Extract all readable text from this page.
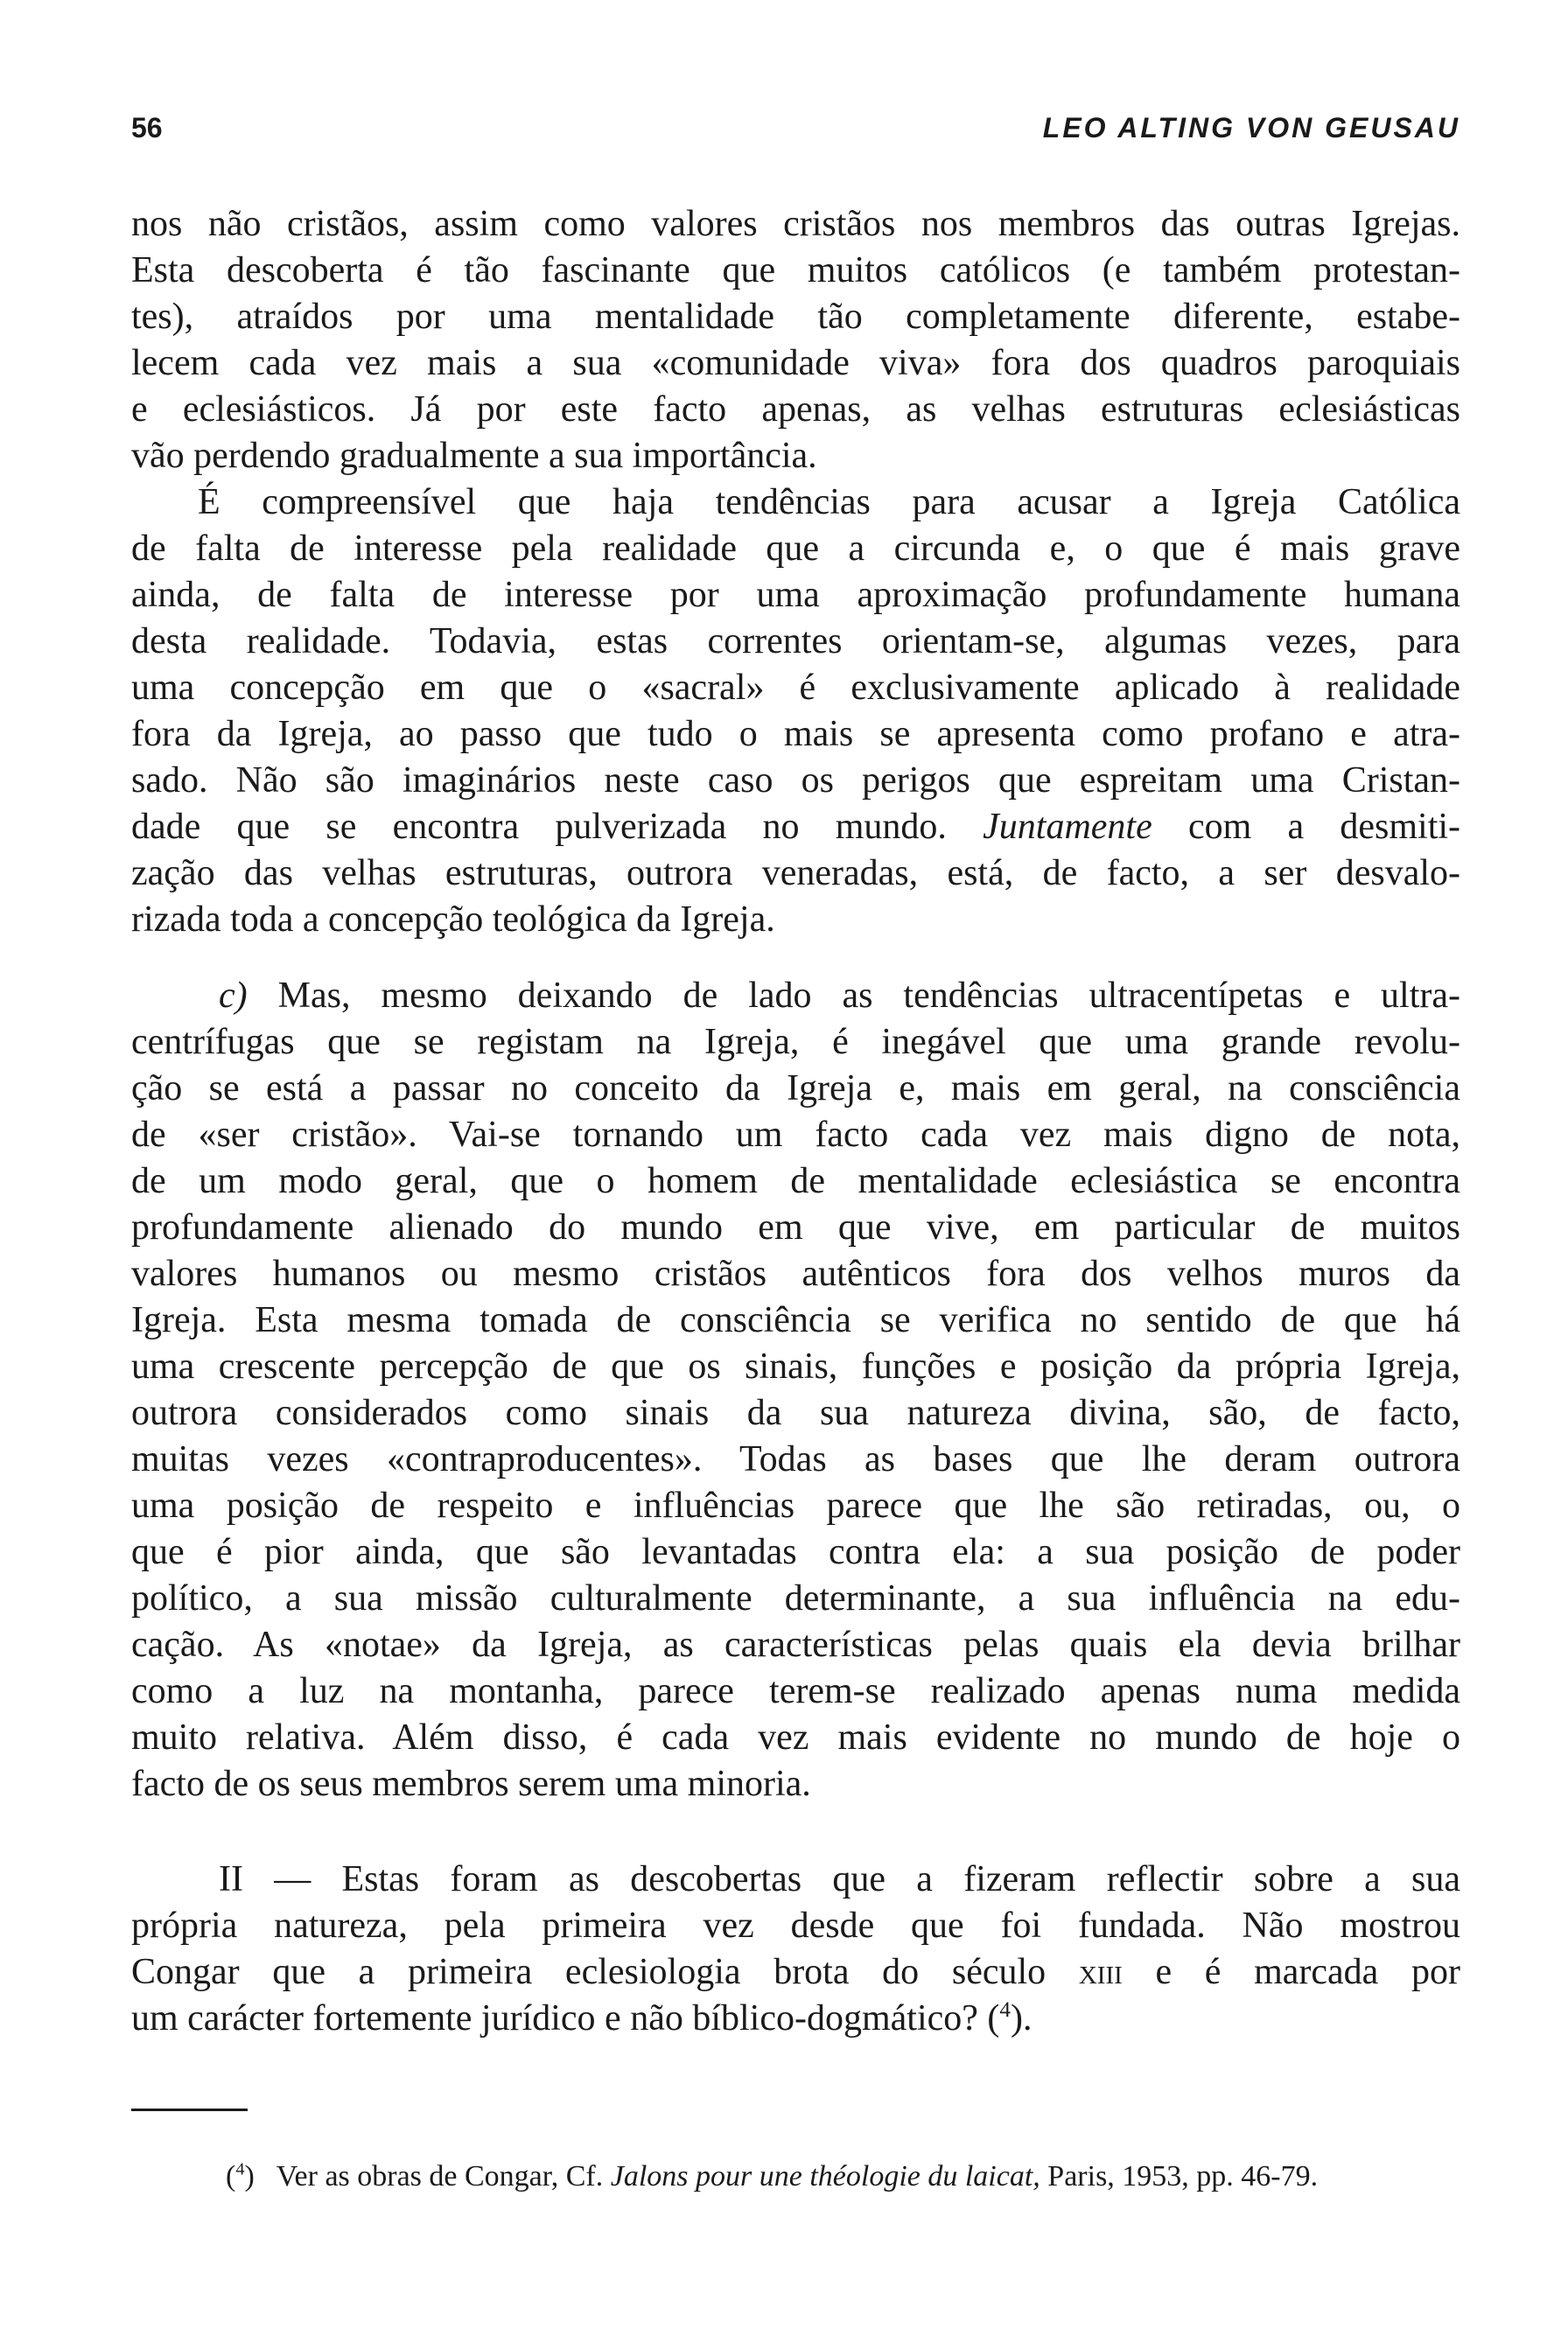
56	LEO ALTING VON GEUSAU
nos não cristãos, assim como valores cristãos nos membros das outras Igrejas.
Esta descoberta é tão fascinante que muitos católicos (e também protestan-
tes), atraídos por uma mentalidade tão completamente diferente, estabe-
lecem cada vez mais a sua «comunidade viva» fora dos quadros paroquiais
e eclesiásticos. Já por este facto apenas, as velhas estruturas eclesiásticas
vão perdendo gradualmente a sua importância.
É compreensível que haja tendências para acusar a Igreja Católica
de falta de interesse pela realidade que a circunda e, o que é mais grave
ainda, de falta de interesse por uma aproximação profundamente humana
desta realidade. Todavia, estas correntes orientam-se, algumas vezes, para
uma concepção em que o «sacral» é exclusivamente aplicado à realidade
fora da Igreja, ao passo que tudo o mais se apresenta como profano e atra-
sado. Não são imaginários neste caso os perigos que espreitam uma Cristan-
dade que se encontra pulverizada no mundo. Juntamente com a desmiti-
zação das velhas estruturas, outrora veneradas, está, de facto, a ser desvalo-
rizada toda a concepção teológica da Igreja.
c) Mas, mesmo deixando de lado as tendências ultracentípetas e ultra-
centrífugas que se registam na Igreja, é inegável que uma grande revolu-
ção se está a passar no conceito da Igreja e, mais em geral, na consciência
de «ser cristão». Vai-se tornando um facto cada vez mais digno de nota,
de um modo geral, que o homem de mentalidade eclesiástica se encontra
profundamente alienado do mundo em que vive, em particular de muitos
valores humanos ou mesmo cristãos autênticos fora dos velhos muros da
Igreja. Esta mesma tomada de consciência se verifica no sentido de que há
uma crescente percepção de que os sinais, funções e posição da própria Igreja,
outrora considerados como sinais da sua natureza divina, são, de facto,
muitas vezes «contraproducentes». Todas as bases que lhe deram outrora
uma posição de respeito e influências parece que lhe são retiradas, ou, o
que é pior ainda, que são levantadas contra ela: a sua posição de poder
político, a sua missão culturalmente determinante, a sua influência na edu-
cação. As «notae» da Igreja, as características pelas quais ela devia brilhar
como a luz na montanha, parece terem-se realizado apenas numa medida
muito relativa. Além disso, é cada vez mais evidente no mundo de hoje o
facto de os seus membros serem uma minoria.
II — Estas foram as descobertas que a fizeram reflectir sobre a sua
própria natureza, pela primeira vez desde que foi fundada. Não mostrou
Congar que a primeira eclesiologia brota do século xiii e é marcada por
um carácter fortemente jurídico e não bíblico-dogmático? ($^4$).
($^4$) Ver as obras de Congar, Cf. Jalons pour une théologie du laicat, Paris, 1953, pp. 46-79.
